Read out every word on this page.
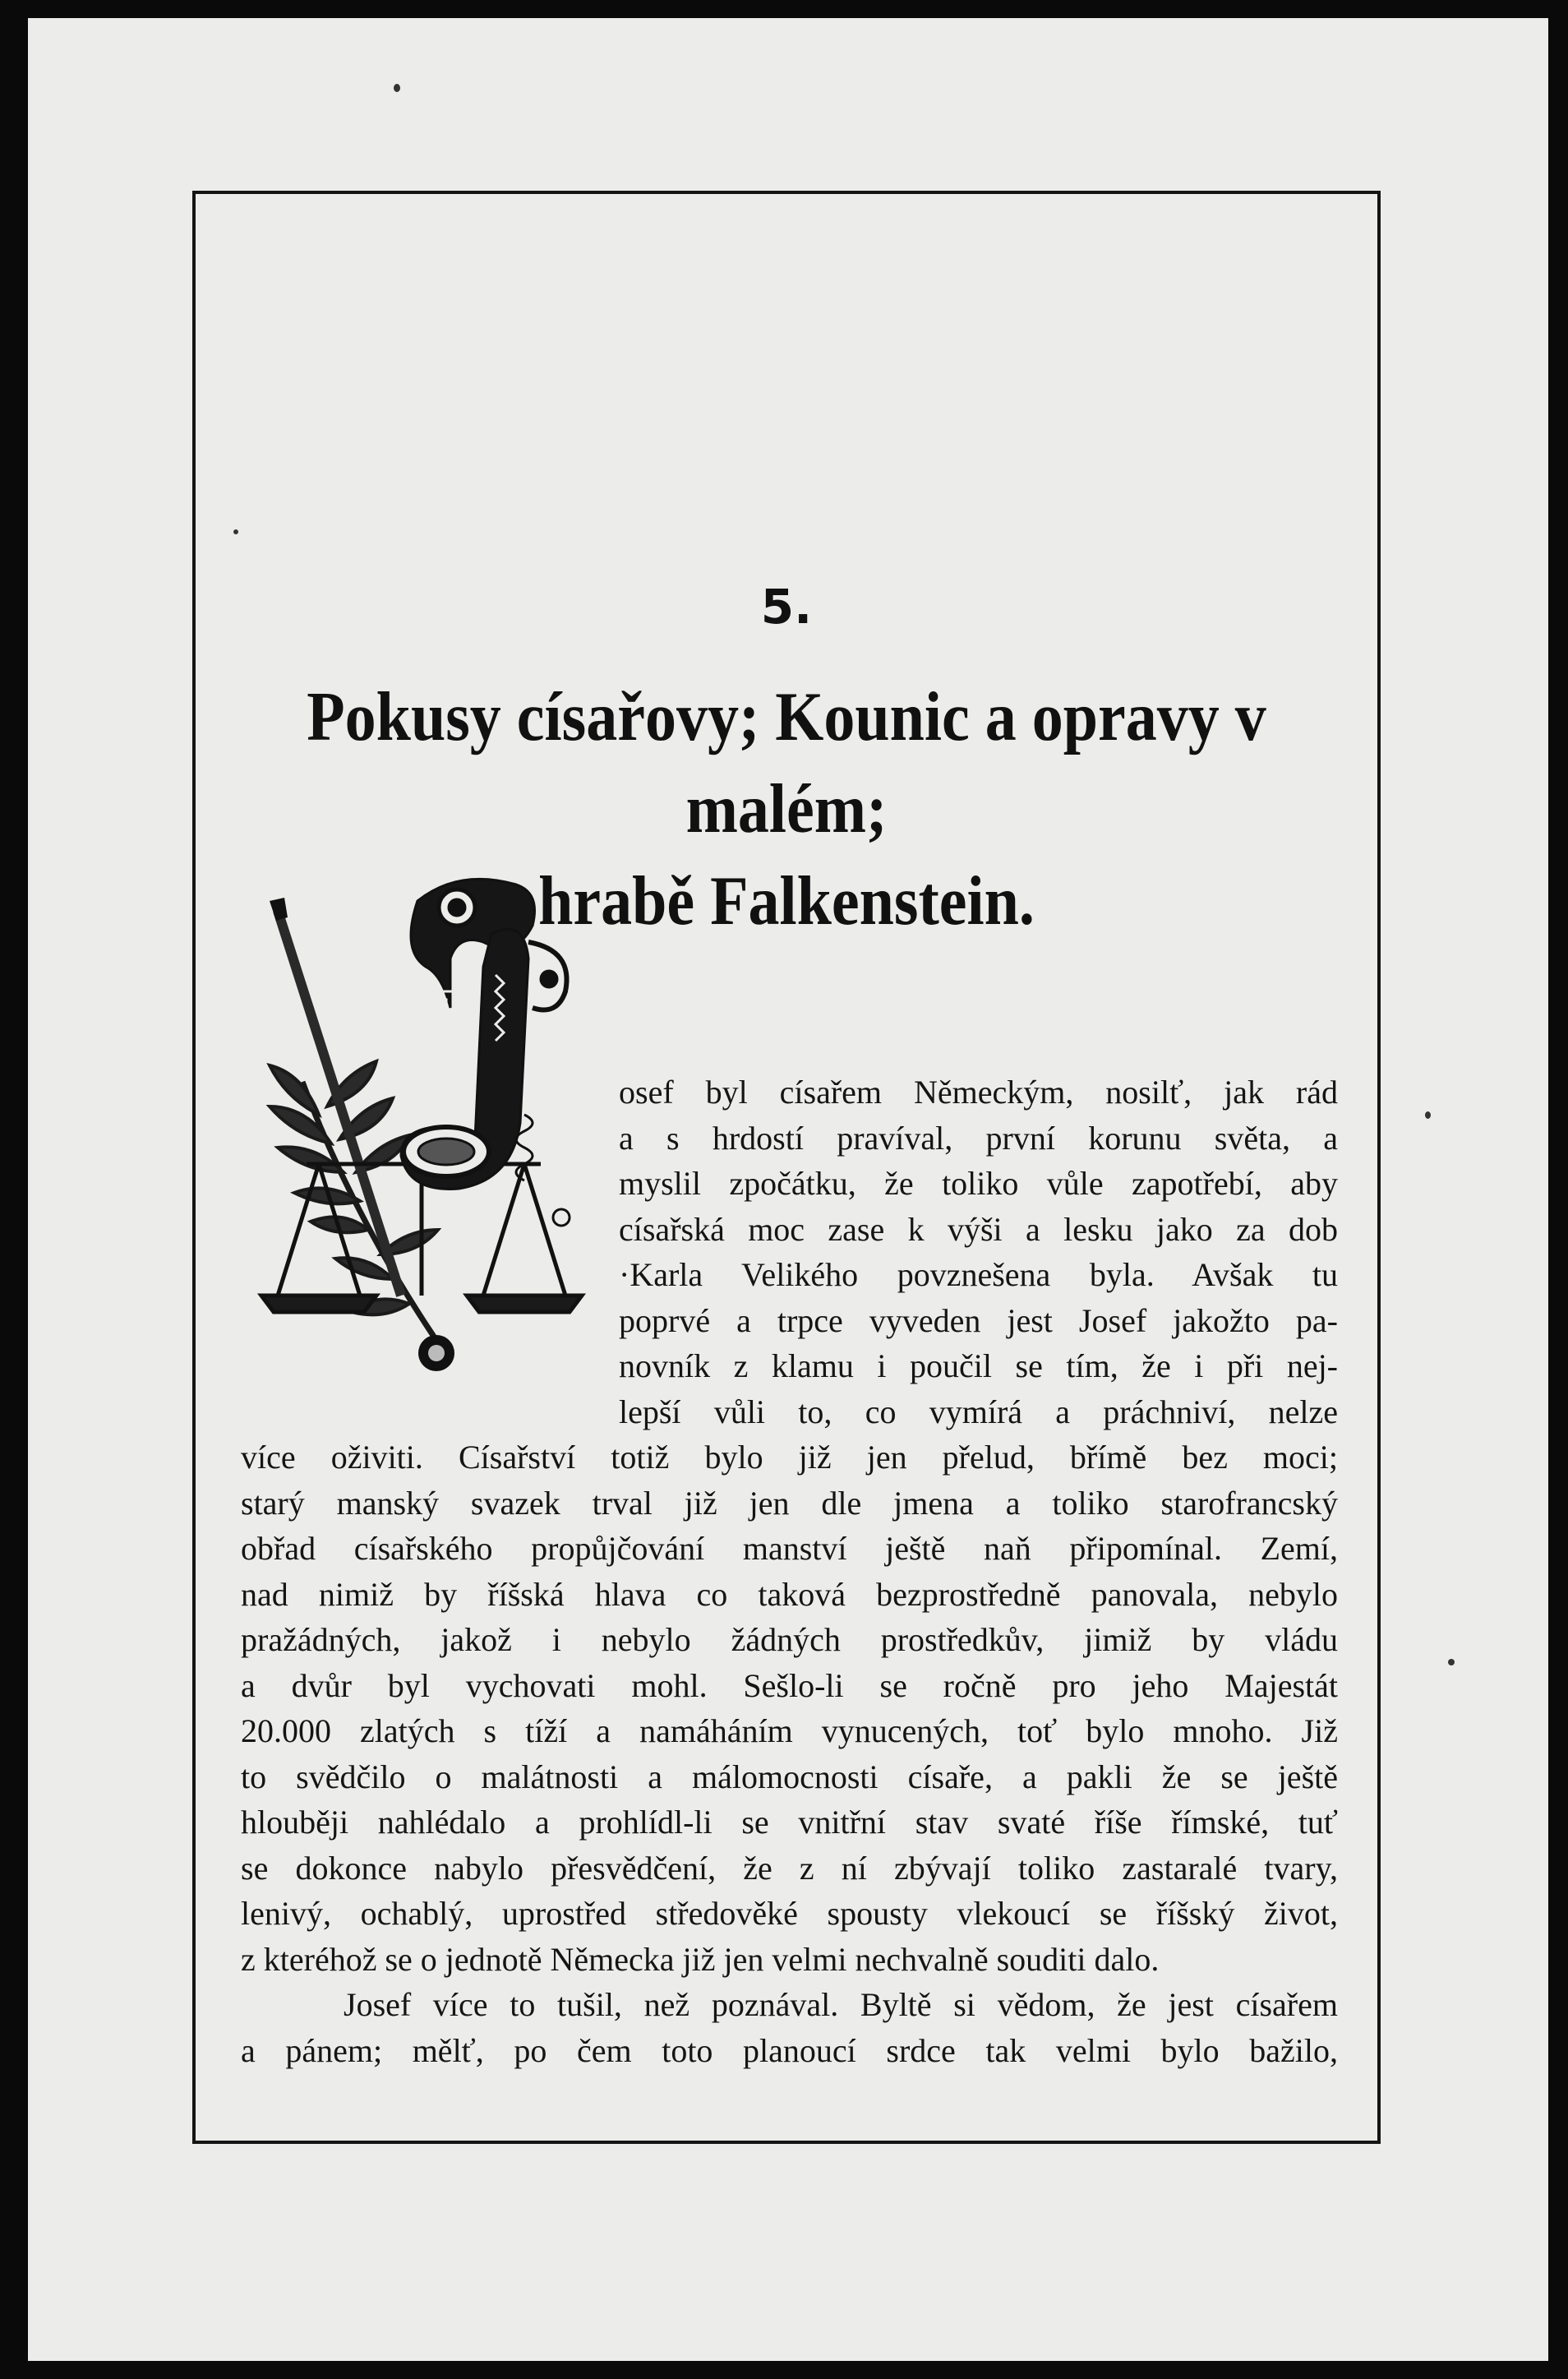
5.
Pokusy císařovy; Kounic a opravy v malém;
hrabě Falkenstein.
osef byl císařem Německým, nosilť, jak rád
a s hrdostí pravíval, první korunu světa, a
myslil zpočátku, že toliko vůle zapotřebí, aby
císařská moc zase k výši a lesku jako za dob
·Karla Velikého povznešena byla. Avšak tu
poprvé a trpce vyveden jest Josef jakožto pa-
novník z klamu i poučil se tím, že i při nej-
lepší vůli to, co vymírá a práchniví, nelze
více oživiti. Císařství totiž bylo již jen přelud, břímě bez moci;
starý manský svazek trval již jen dle jmena a toliko starofrancský
obřad císařského propůjčování manství ještě naň připomínal. Zemí,
nad nimiž by říšská hlava co taková bezprostředně panovala, nebylo
pražádných, jakož i nebylo žádných prostředkův, jimiž by vládu
a dvůr byl vychovati mohl. Sešlo-li se ročně pro jeho Majestát
20.000 zlatých s tíží a namáháním vynucených, toť bylo mnoho. Již
to svědčilo o malátnosti a málomocnosti císaře, a pakli že se ještě
hlouběji nahlédalo a prohlídl-li se vnitřní stav svaté říše římské, tuť
se dokonce nabylo přesvědčení, že z ní zbývají toliko zastaralé tvary,
lenivý, ochablý, uprostřed středověké spousty vlekoucí se říšský život,
z kteréhož se o jednotě Německa již jen velmi nechvalně souditi dalo.
Josef více to tušil, než poznával. Byltě si vědom, že jest císařem
a pánem; mělť, po čem toto planoucí srdce tak velmi bylo bažilo,
